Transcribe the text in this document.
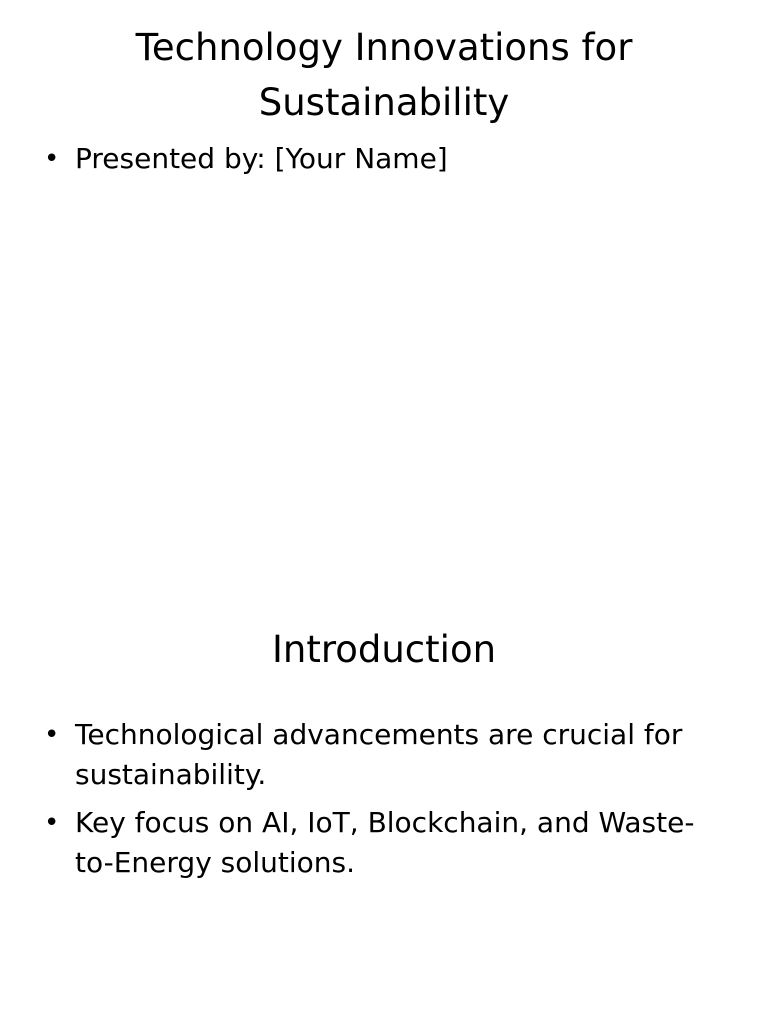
Technology Innovations for Sustainability
• Presented by: [Your Name]
Introduction
• Technological advancements are crucial for sustainability.
• Key focus on AI, IoT, Blockchain, and Waste-to-Energy solutions.
